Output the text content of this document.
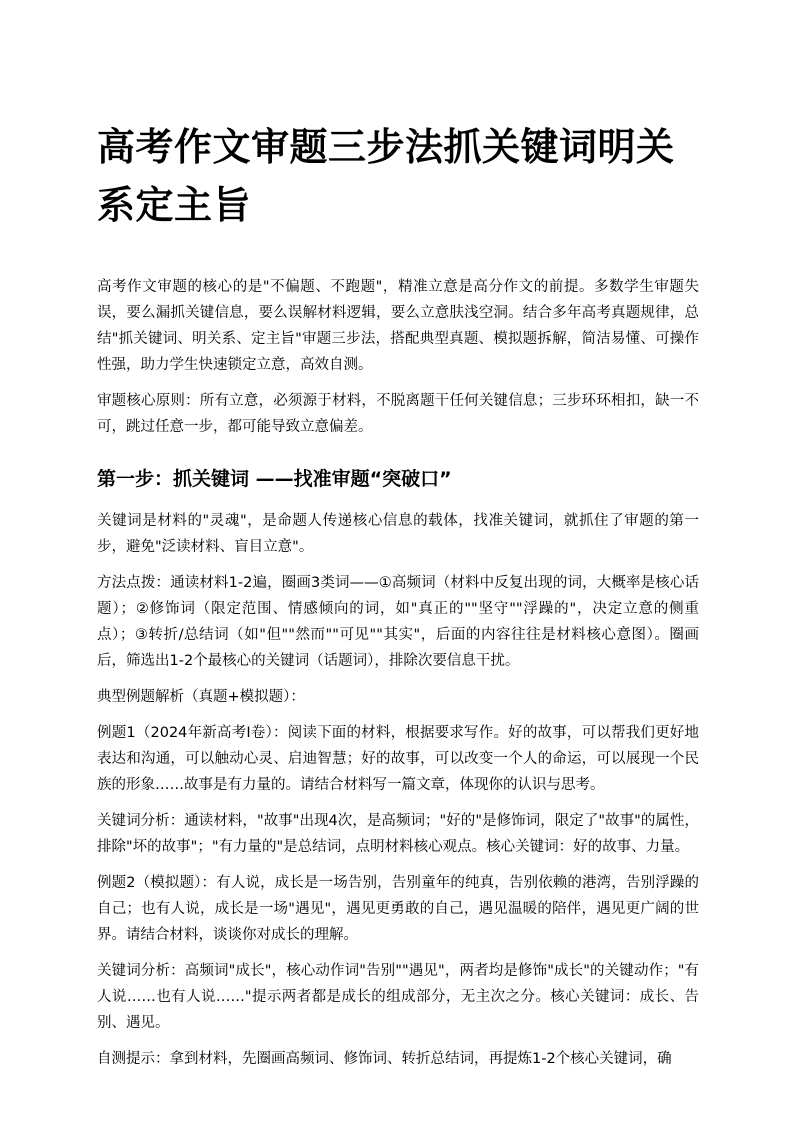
高考作文审题三步法抓关键词明关系定主旨

高考作文审题的核心的是"不偏题、不跑题"，精准立意是高分作文的前提。多数学生审题失误，要么漏抓关键信息，要么误解材料逻辑，要么立意肤浅空洞。结合多年高考真题规律，总结"抓关键词、明关系、定主旨"审题三步法，搭配典型真题、模拟题拆解，简洁易懂、可操作性强，助力学生快速锁定立意，高效自测。

审题核心原则：所有立意，必须源于材料，不脱离题干任何关键信息；三步环环相扣，缺一不可，跳过任意一步，都可能导致立意偏差。

第一步：抓关键词 ——找准审题“突破口”

关键词是材料的"灵魂"，是命题人传递核心信息的载体，找准关键词，就抓住了审题的第一步，避免"泛读材料、盲目立意"。

方法点拨：通读材料1-2遍，圈画3类词——①高频词（材料中反复出现的词，大概率是核心话题）；②修饰词（限定范围、情感倾向的词，如"真正的""坚守""浮躁的"，决定立意的侧重点）；③转折/总结词（如"但""然而""可见""其实"，后面的内容往往是材料核心意图）。圈画后，筛选出1-2个最核心的关键词（话题词），排除次要信息干扰。

典型例题解析（真题+模拟题）：

例题1（2024年新高考Ⅰ卷）：阅读下面的材料，根据要求写作。好的故事，可以帮我们更好地表达和沟通，可以触动心灵、启迪智慧；好的故事，可以改变一个人的命运，可以展现一个民族的形象……故事是有力量的。请结合材料写一篇文章，体现你的认识与思考。

关键词分析：通读材料，"故事"出现4次，是高频词；"好的"是修饰词，限定了"故事"的属性，排除"坏的故事"；"有力量的"是总结词，点明材料核心观点。核心关键词：好的故事、力量。

例题2（模拟题）：有人说，成长是一场告别，告别童年的纯真，告别依赖的港湾，告别浮躁的自己；也有人说，成长是一场"遇见"，遇见更勇敢的自己，遇见温暖的陪伴，遇见更广阔的世界。请结合材料，谈谈你对成长的理解。

关键词分析：高频词"成长"，核心动作词"告别""遇见"，两者均是修饰"成长"的关键动作；"有人说……也有人说……"提示两者都是成长的组成部分，无主次之分。核心关键词：成长、告别、遇见。

自测提示：拿到材料，先圈画高频词、修饰词、转折总结词，再提炼1-2个核心关键词，确
